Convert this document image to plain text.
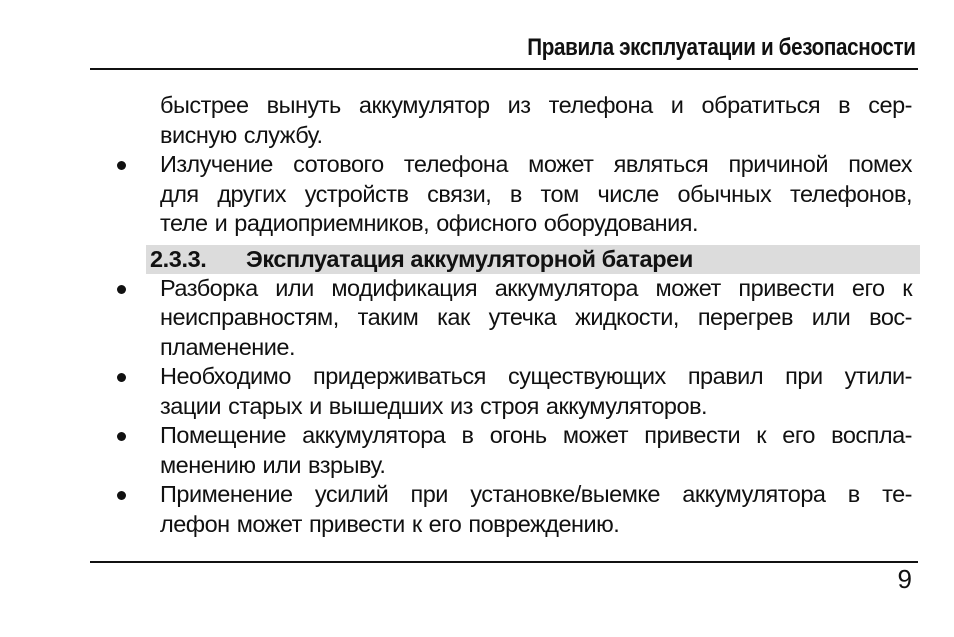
Правила эксплуатации и безопасности
быстрее вынуть аккумулятор из телефона и обратиться в сер-
висную службу.
Излучение сотового телефона может являться причиной помех
для других устройств связи, в том числе обычных телефонов,
теле и радиоприемников, офисного оборудования.
2.3.3. Эксплуатация аккумуляторной батареи
Разборка или модификация аккумулятора может привести его к
неисправностям, таким как утечка жидкости, перегрев или вос-
пламенение.
Необходимо придерживаться существующих правил при утили-
зации старых и вышедших из строя аккумуляторов.
Помещение аккумулятора в огонь может привести к его воспла-
менению или взрыву.
Применение усилий при установке/выемке аккумулятора в те-
лефон может привести к его повреждению.
9
